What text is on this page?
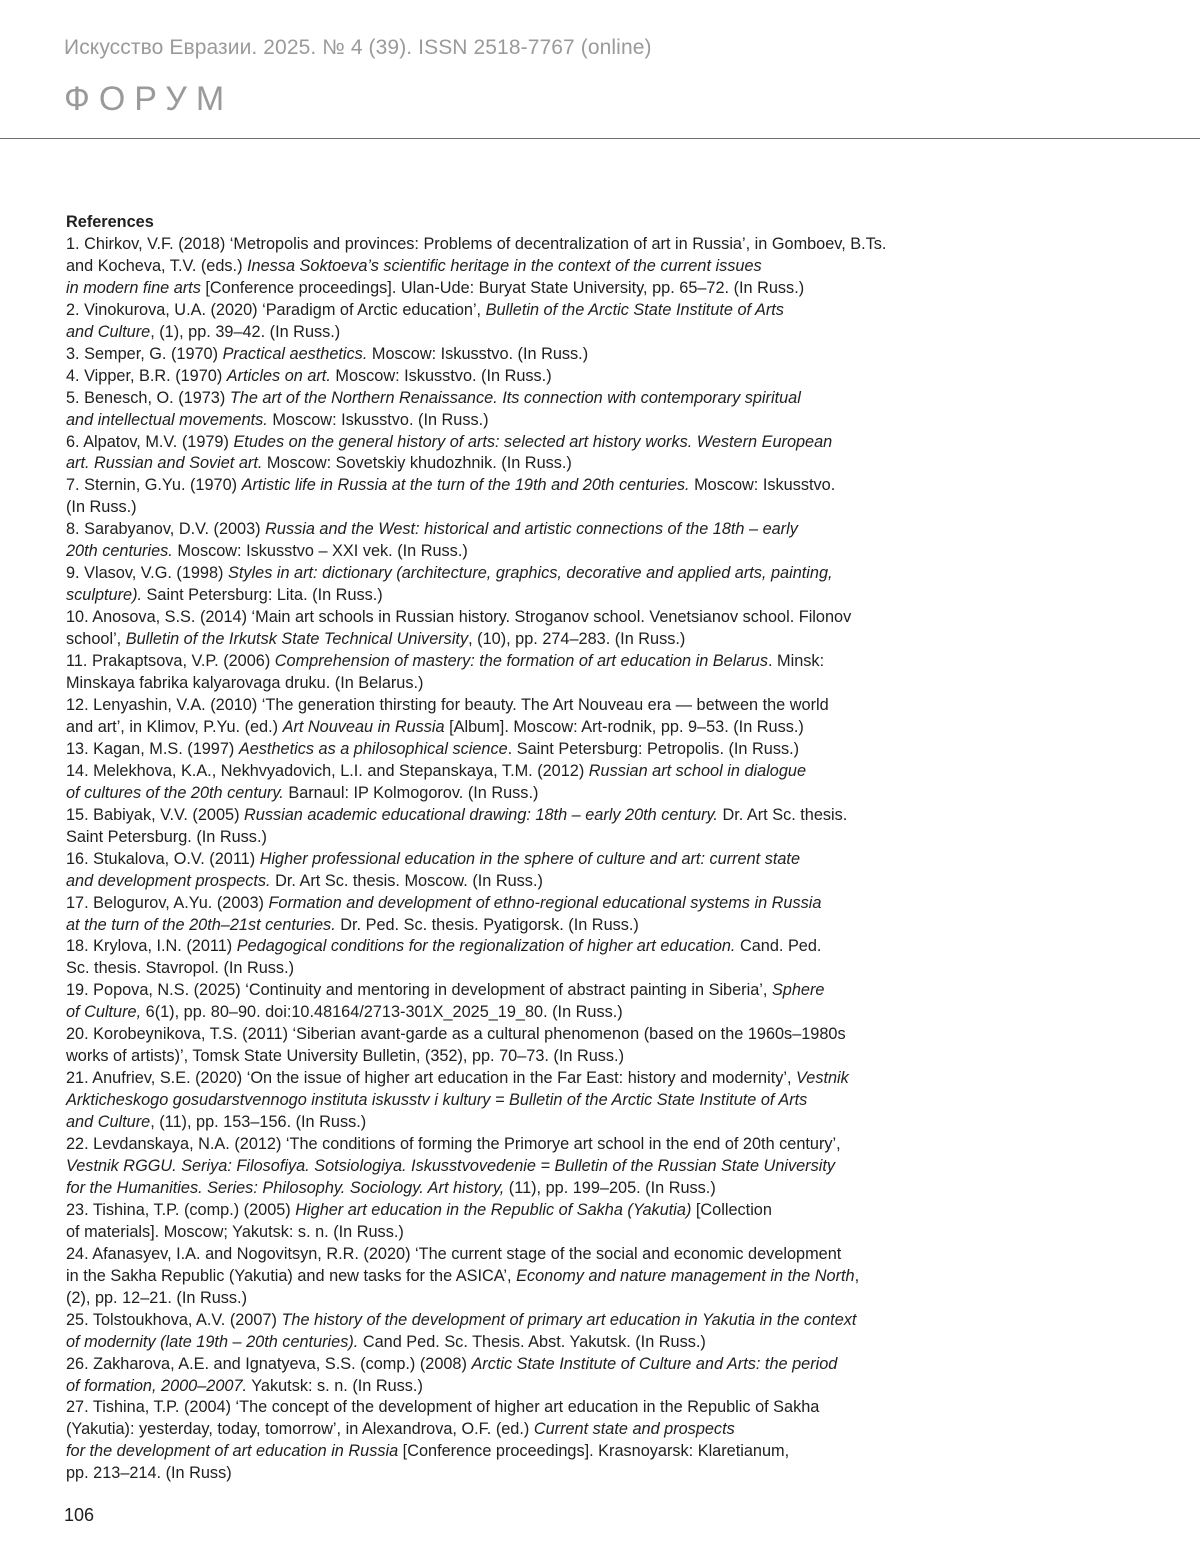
Искусство Евразии. 2025. № 4 (39). ISSN 2518-7767 (online)
ФОРУМ
References
1. Chirkov, V.F. (2018) ‘Metropolis and provinces: Problems of decentralization of art in Russia’, in Gomboev, B.Ts.
and Kocheva, T.V. (eds.) Inessa Soktoeva’s scientific heritage in the context of the current issues
in modern fine arts [Conference proceedings]. Ulan-Ude: Buryat State University, pp. 65–72. (In Russ.)
2. Vinokurova, U.A. (2020) ‘Paradigm of Arctic education’, Bulletin of the Arctic State Institute of Arts
and Culture, (1), pp. 39–42. (In Russ.)
3. Semper, G. (1970) Practical aesthetics. Moscow: Iskusstvo. (In Russ.)
4. Vipper, B.R. (1970) Articles on art. Moscow: Iskusstvo. (In Russ.)
5. Benesch, O. (1973) The art of the Northern Renaissance. Its connection with contemporary spiritual
and intellectual movements. Moscow: Iskusstvo. (In Russ.)
6. Alpatov, M.V. (1979) Etudes on the general history of arts: selected art history works. Western European
art. Russian and Soviet art. Moscow: Sovetskiy khudozhnik. (In Russ.)
7. Sternin, G.Yu. (1970) Artistic life in Russia at the turn of the 19th and 20th centuries. Moscow: Iskusstvo.
(In Russ.)
8. Sarabyanov, D.V. (2003) Russia and the West: historical and artistic connections of the 18th – early
20th centuries. Moscow: Iskusstvo – XXI vek. (In Russ.)
9. Vlasov, V.G. (1998) Styles in art: dictionary (architecture, graphics, decorative and applied arts, painting,
sculpture). Saint Petersburg: Lita. (In Russ.)
10. Anosova, S.S. (2014) ‘Main art schools in Russian history. Stroganov school. Venetsianov school. Filonov
school’, Bulletin of the Irkutsk State Technical University, (10), pp. 274–283. (In Russ.)
11. Prakaptsova, V.P. (2006) Comprehension of mastery: the formation of art education in Belarus. Minsk:
Minskaya fabrika kalyarovaga druku. (In Belarus.)
12. Lenyashin, V.A. (2010) ‘The generation thirsting for beauty. The Art Nouveau era — between the world
and art’, in Klimov, P.Yu. (ed.) Art Nouveau in Russia [Album]. Moscow: Art-rodnik, pp. 9–53. (In Russ.)
13. Kagan, M.S. (1997) Aesthetics as a philosophical science. Saint Petersburg: Petropolis. (In Russ.)
14. Melekhova, K.A., Nekhvyadovich, L.I. and Stepanskaya, T.M. (2012) Russian art school in dialogue
of cultures of the 20th century. Barnaul: IP Kolmogorov. (In Russ.)
15. Babiyak, V.V. (2005) Russian academic educational drawing: 18th – early 20th century. Dr. Art Sc. thesis.
Saint Petersburg. (In Russ.)
16. Stukalova, O.V. (2011) Higher professional education in the sphere of culture and art: current state
and development prospects. Dr. Art Sc. thesis. Moscow. (In Russ.)
17. Belogurov, A.Yu. (2003) Formation and development of ethno-regional educational systems in Russia
at the turn of the 20th–21st centuries. Dr. Ped. Sc. thesis. Pyatigorsk. (In Russ.)
18. Krylova, I.N. (2011) Pedagogical conditions for the regionalization of higher art education. Cand. Ped.
Sc. thesis. Stavropol. (In Russ.)
19. Popova, N.S. (2025) ‘Continuity and mentoring in development of abstract painting in Siberia’, Sphere
of Culture, 6(1), pp. 80–90. doi:10.48164/2713-301X_2025_19_80. (In Russ.)
20. Korobeynikova, T.S. (2011) ‘Siberian avant-garde as a cultural phenomenon (based on the 1960s–1980s
works of artists)’, Tomsk State University Bulletin, (352), pp. 70–73. (In Russ.)
21. Anufriev, S.E. (2020) ‘On the issue of higher art education in the Far East: history and modernity’, Vestnik
Arkticheskogo gosudarstvennogo instituta iskusstv i kultury = Bulletin of the Arctic State Institute of Arts
and Culture, (11), pp. 153–156. (In Russ.)
22. Levdanskaya, N.A. (2012) ‘The conditions of forming the Primorye art school in the end of 20th century’,
Vestnik RGGU. Seriya: Filosofiya. Sotsiologiya. Iskusstvovedenie = Bulletin of the Russian State University
for the Humanities. Series: Philosophy. Sociology. Art history, (11), pp. 199–205. (In Russ.)
23. Tishina, T.P. (comp.) (2005) Higher art education in the Republic of Sakha (Yakutia) [Collection
of materials]. Moscow; Yakutsk: s. n. (In Russ.)
24. Afanasyev, I.A. and Nogovitsyn, R.R. (2020) ‘The current stage of the social and economic development
in the Sakha Republic (Yakutia) and new tasks for the ASICA’, Economy and nature management in the North,
(2), pp. 12–21. (In Russ.)
25. Tolstoukhova, A.V. (2007) The history of the development of primary art education in Yakutia in the context
of modernity (late 19th – 20th centuries). Cand Ped. Sc. Thesis. Abst. Yakutsk. (In Russ.)
26. Zakharova, A.E. and Ignatyeva, S.S. (comp.) (2008) Arctic State Institute of Culture and Arts: the period
of formation, 2000–2007. Yakutsk: s. n. (In Russ.)
27. Tishina, T.P. (2004) ‘The concept of the development of higher art education in the Republic of Sakha
(Yakutia): yesterday, today, tomorrow’, in Alexandrova, O.F. (ed.) Current state and prospects
for the development of art education in Russia [Conference proceedings]. Krasnoyarsk: Klaretianum,
pp. 213–214. (In Russ)
106
